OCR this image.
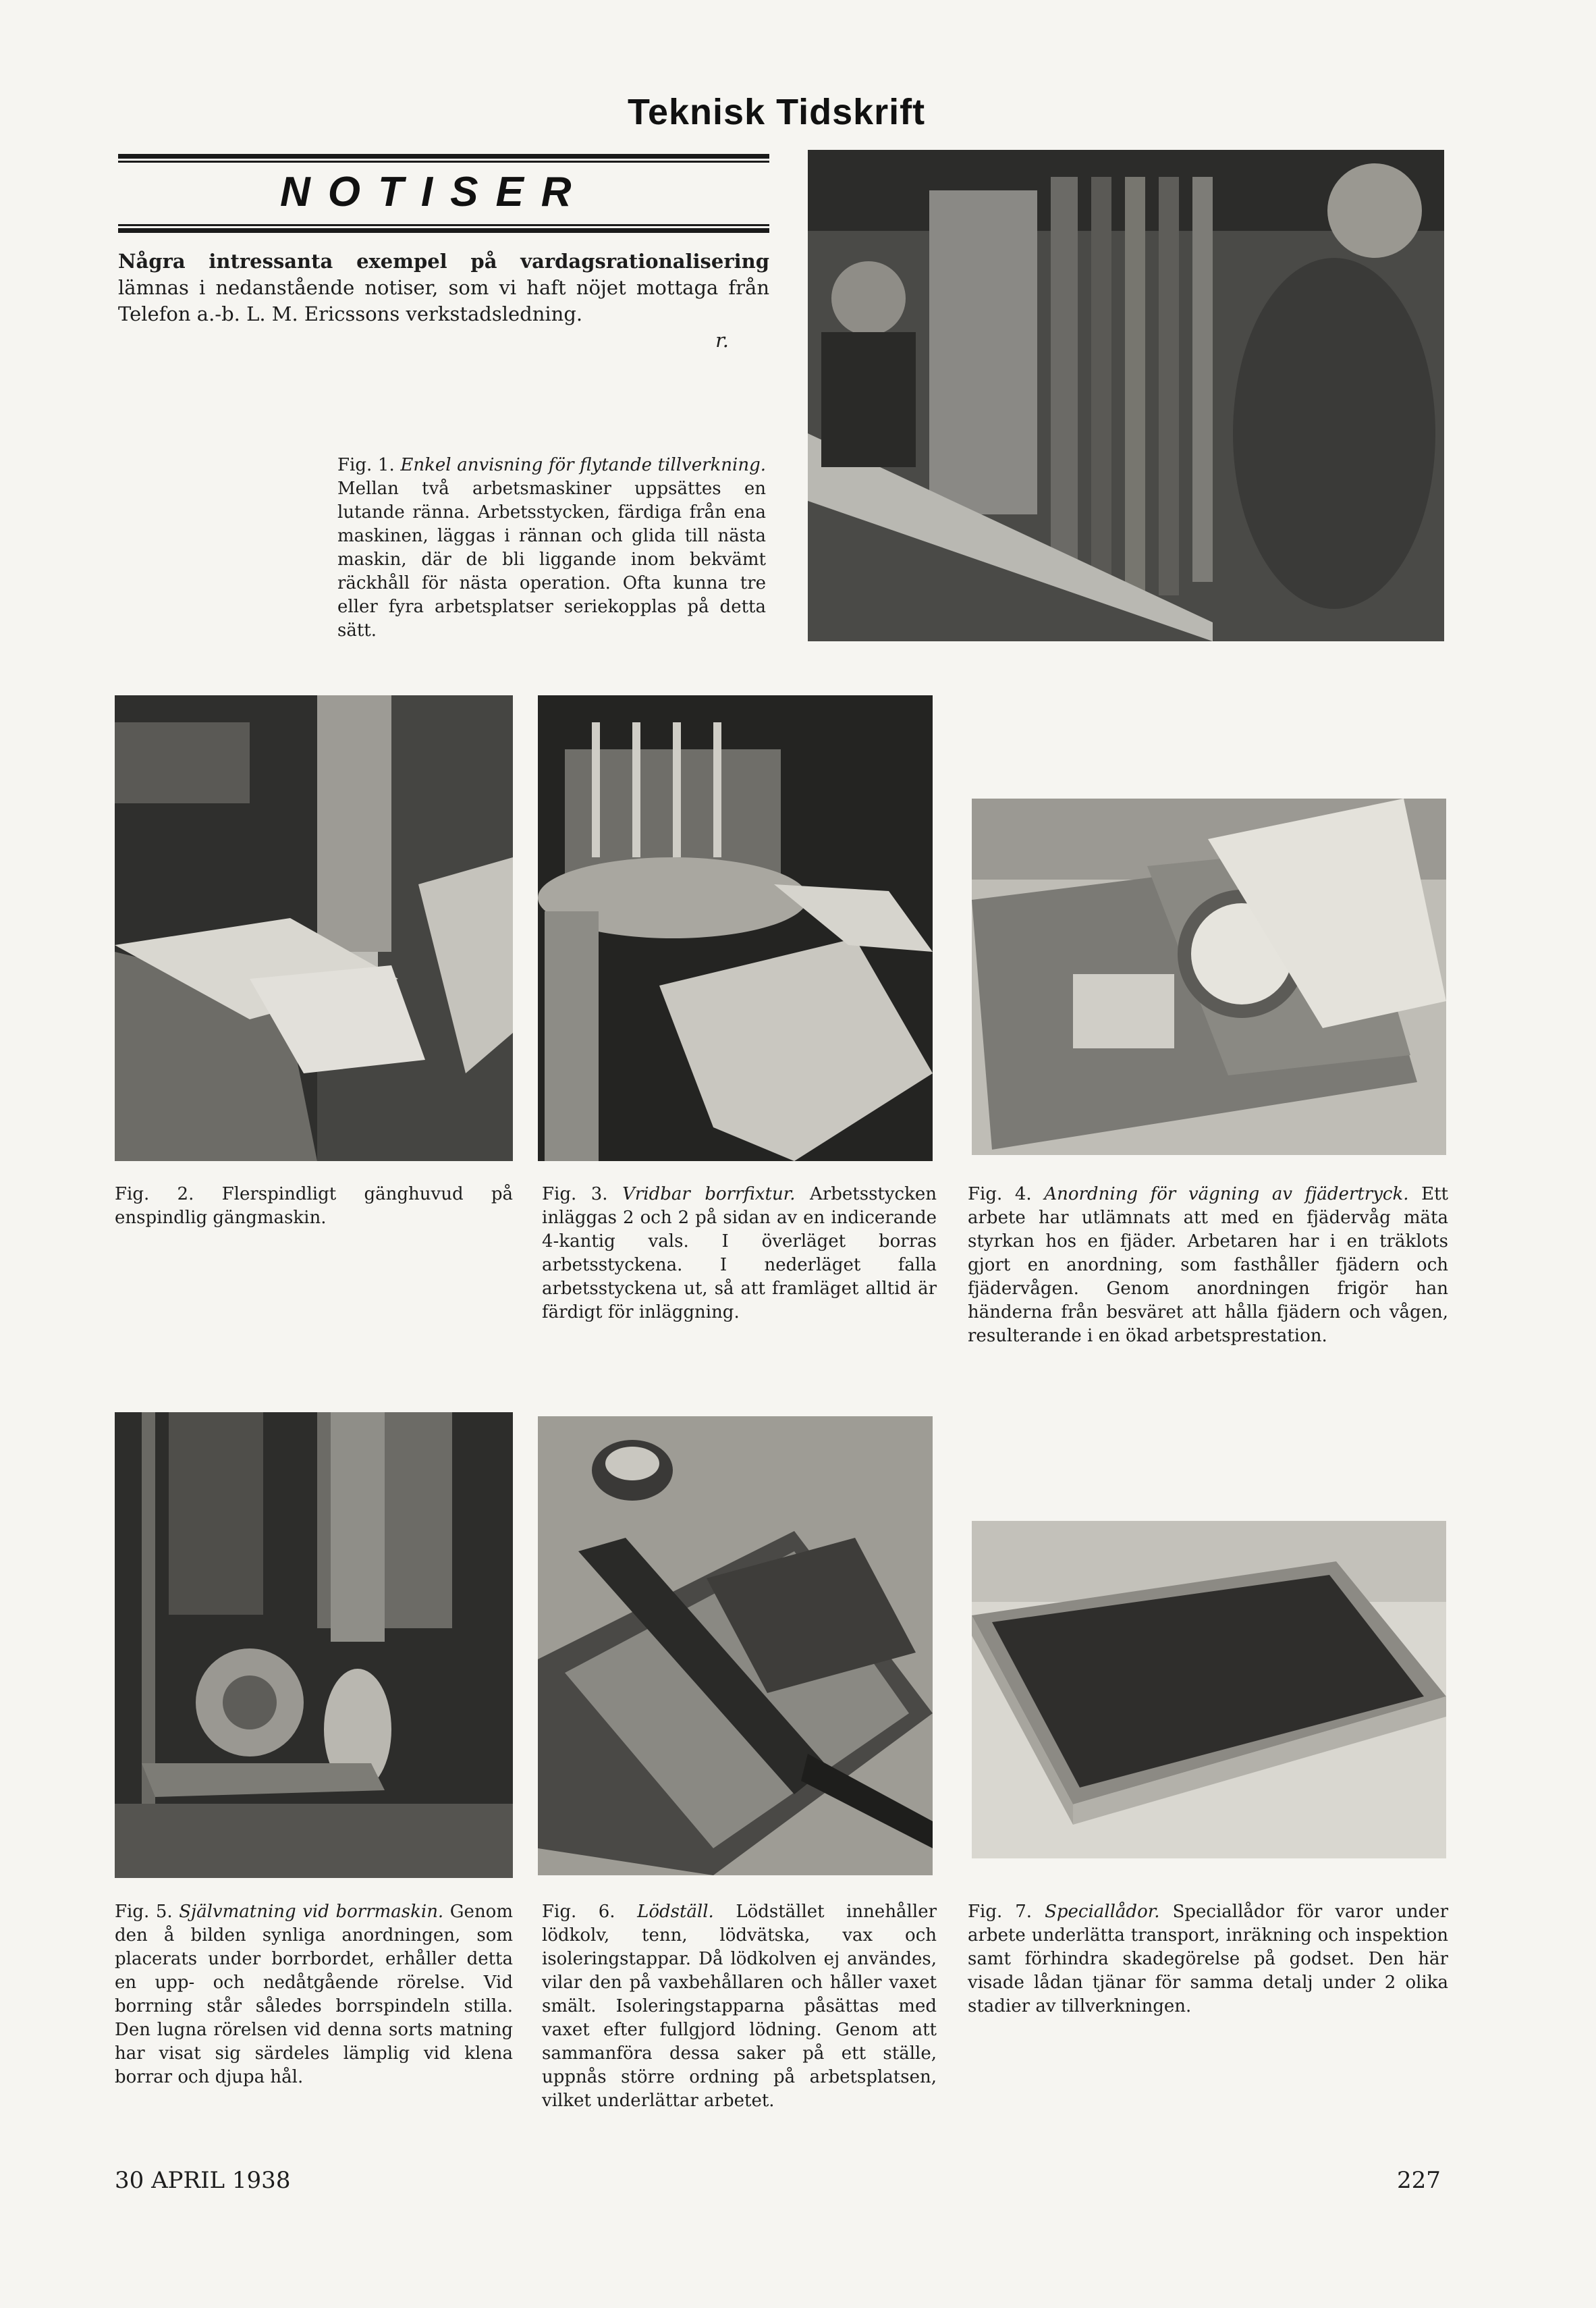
Teknisk Tidskrift
NOTISER
Några intressanta exempel på vardagsrationalisering lämnas i nedanstående notiser, som vi haft nöjet mottaga från Telefon a.-b. L. M. Ericssons verkstadsledning.
r.
Fig. 1. Enkel anvisning för flytande tillverkning. Mellan två arbetsmaskiner uppsättes en lutande ränna. Arbetsstycken, färdiga från ena maskinen, läggas i rännan och glida till nästa maskin, där de bli liggande inom bekvämt räckhåll för nästa operation. Ofta kunna tre eller fyra arbetsplatser seriekopplas på detta sätt.
Fig. 2. Flerspindligt gänghuvud på enspindlig gängmaskin.
Fig. 3. Vridbar borrfixtur. Arbetsstycken inläggas 2 och 2 på sidan av en indicerande 4-kantig vals. I överläget borras arbetsstyckena. I nederläget falla arbetsstyckena ut, så att framläget alltid är färdigt för inläggning.
Fig. 4. Anordning för vägning av fjädertryck. Ett arbete har utlämnats att med en fjädervåg mäta styrkan hos en fjäder. Arbetaren har i en träklots gjort en anordning, som fasthåller fjädern och fjädervågen. Genom anordningen frigör han händerna från besväret att hålla fjädern och vågen, resulterande i en ökad arbetsprestation.
Fig. 5. Självmatning vid borrmaskin. Genom den å bilden synliga anordningen, som placerats under borrbordet, erhåller detta en upp- och nedåtgående rörelse. Vid borrning står således borrspindeln stilla. Den lugna rörelsen vid denna sorts matning har visat sig särdeles lämplig vid klena borrar och djupa hål.
Fig. 6. Lödställ. Lödstället innehåller lödkolv, tenn, lödvätska, vax och isoleringstappar. Då lödkolven ej användes, vilar den på vaxbehållaren och håller vaxet smält. Isoleringstapparna påsättas med vaxet efter fullgjord lödning. Genom att sammanföra dessa saker på ett ställe, uppnås större ordning på arbetsplatsen, vilket underlättar arbetet.
Fig. 7. Speciallådor. Speciallådor för varor under arbete underlätta transport, inräkning och inspektion samt förhindra skadegörelse på godset. Den här visade lådan tjänar för samma detalj under 2 olika stadier av tillverkningen.
30 APRIL 1938	227
